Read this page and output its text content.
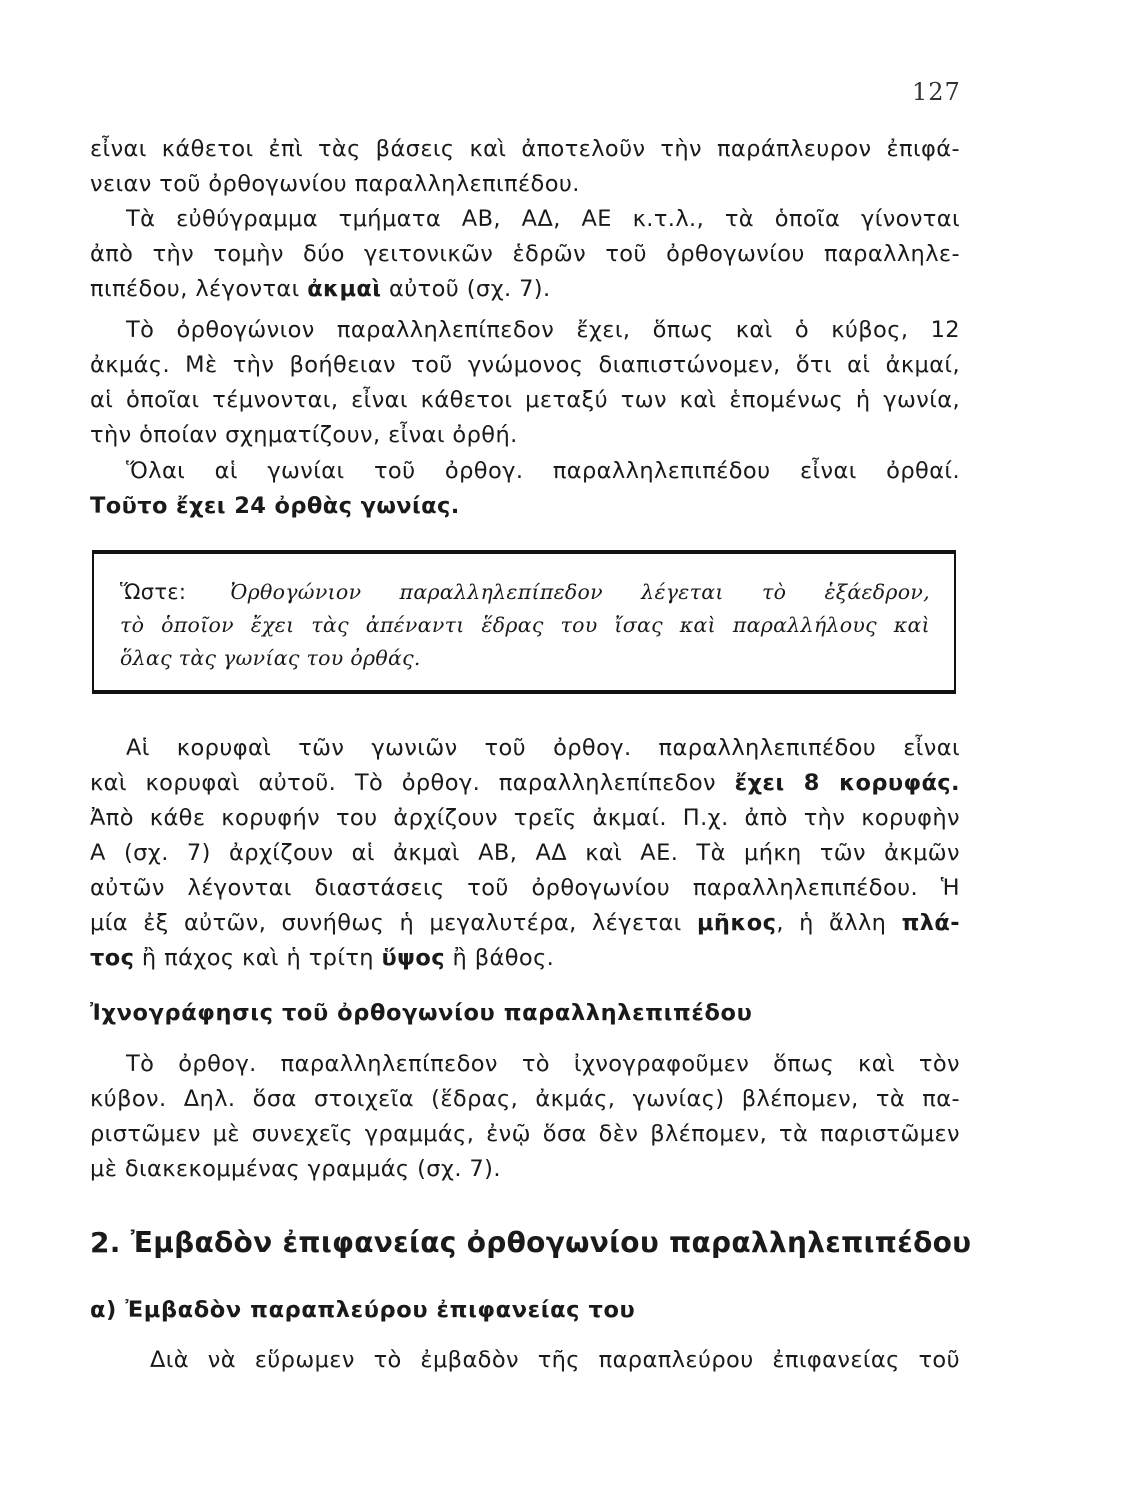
127
εἶναι κάθετοι ἐπὶ τὰς βάσεις καὶ ἀποτελοῦν τὴν παράπλευρον ἐπιφά-
νειαν τοῦ ὀρθογωνίου παραλληλεπιπέδου.
Τὰ εὐθύγραμμα τμήματα ΑΒ, ΑΔ, ΑΕ κ.τ.λ., τὰ ὁποῖα γίνονται
ἀπὸ τὴν τομὴν δύο γειτονικῶν ἑδρῶν τοῦ ὀρθογωνίου παραλληλε-
πιπέδου, λέγονται ἀκμαὶ αὐτοῦ (σχ. 7).
Τὸ ὀρθογώνιον παραλληλεπίπεδον ἔχει, ὅπως καὶ ὁ κύβος, 12
ἀκμάς. Μὲ τὴν βοήθειαν τοῦ γνώμονος διαπιστώνομεν, ὅτι αἱ ἀκμαί,
αἱ ὁποῖαι τέμνονται, εἶναι κάθετοι μεταξύ των καὶ ἑπομένως ἡ γωνία,
τὴν ὁποίαν σχηματίζουν, εἶναι ὀρθή.
Ὅλαι αἱ γωνίαι τοῦ ὀρθογ. παραλληλεπιπέδου εἶναι ὀρθαί.
Τοῦτο ἔχει 24 ὀρθὰς γωνίας.
Ὥστε: Ὀρθογώνιον παραλληλεπίπεδον λέγεται τὸ ἑξάεδρον,
τὸ ὁποῖον ἔχει τὰς ἀπέναντι ἕδρας του ἴσας καὶ παραλλήλους καὶ
ὅλας τὰς γωνίας του ὀρθάς.
Αἱ κορυφαὶ τῶν γωνιῶν τοῦ ὀρθογ. παραλληλεπιπέδου εἶναι
καὶ κορυφαὶ αὐτοῦ. Τὸ ὀρθογ. παραλληλεπίπεδον ἔχει 8 κορυφάς.
Ἀπὸ κάθε κορυφήν του ἀρχίζουν τρεῖς ἀκμαί. Π.χ. ἀπὸ τὴν κορυφὴν
Α (σχ. 7) ἀρχίζουν αἱ ἀκμαὶ ΑΒ, ΑΔ καὶ ΑΕ. Τὰ μήκη τῶν ἀκμῶν
αὐτῶν λέγονται διαστάσεις τοῦ ὀρθογωνίου παραλληλεπιπέδου. Ἡ
μία ἐξ αὐτῶν, συνήθως ἡ μεγαλυτέρα, λέγεται μῆκος, ἡ ἄλλη πλά-
τος ἢ πάχος καὶ ἡ τρίτη ὕψος ἢ βάθος.
Ἰχνογράφησις τοῦ ὀρθογωνίου παραλληλεπιπέδου
Τὸ ὀρθογ. παραλληλεπίπεδον τὸ ἰχνογραφοῦμεν ὅπως καὶ τὸν
κύβον. Δηλ. ὅσα στοιχεῖα (ἕδρας, ἀκμάς, γωνίας) βλέπομεν, τὰ πα-
ριστῶμεν μὲ συνεχεῖς γραμμάς, ἐνῷ ὅσα δὲν βλέπομεν, τὰ παριστῶμεν
μὲ διακεκομμένας γραμμάς (σχ. 7).
2. Ἐμβαδὸν ἐπιφανείας ὀρθογωνίου παραλληλεπιπέδου
α) Ἐμβαδὸν παραπλεύρου ἐπιφανείας του
Διὰ νὰ εὕρωμεν τὸ ἐμβαδὸν τῆς παραπλεύρου ἐπιφανείας τοῦ
